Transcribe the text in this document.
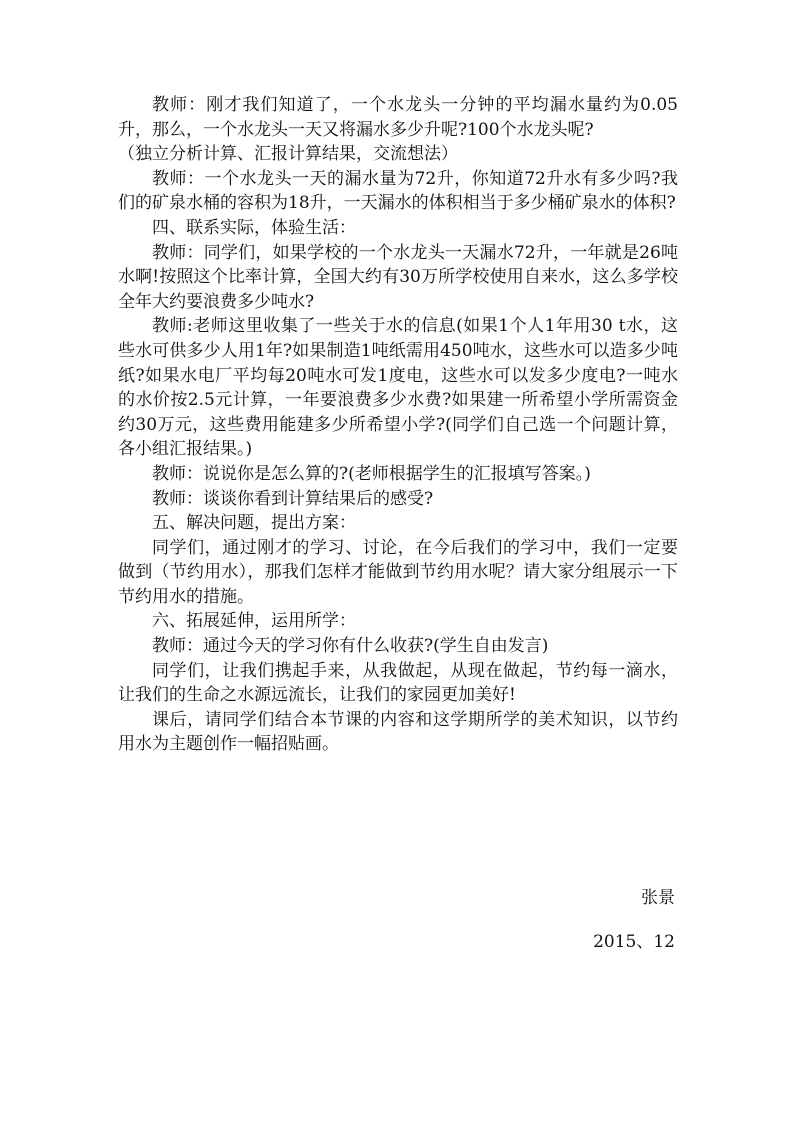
教师：刚才我们知道了，一个水龙头一分钟的平均漏水量约为0.05升，那么，一个水龙头一天又将漏水多少升呢?100个水龙头呢?

（独立分析计算、汇报计算结果，交流想法）

教师：一个水龙头一天的漏水量为72升，你知道72升水有多少吗?我们的矿泉水桶的容积为18升，一天漏水的体积相当于多少桶矿泉水的体积?

四、联系实际，体验生活：

教师：同学们，如果学校的一个水龙头一天漏水72升，一年就是26吨水啊!按照这个比率计算，全国大约有30万所学校使用自来水，这么多学校全年大约要浪费多少吨水?

教师:老师这里收集了一些关于水的信息(如果1个人1年用30 t水，这些水可供多少人用1年?如果制造1吨纸需用450吨水，这些水可以造多少吨纸?如果水电厂平均每20吨水可发1度电，这些水可以发多少度电?一吨水的水价按2.5元计算，一年要浪费多少水费?如果建一所希望小学所需资金约30万元，这些费用能建多少所希望小学?(同学们自己选一个问题计算，各小组汇报结果。)

教师：说说你是怎么算的?(老师根据学生的汇报填写答案。)

教师：谈谈你看到计算结果后的感受?

五、解决问题，提出方案：

同学们，通过刚才的学习、讨论，在今后我们的学习中，我们一定要做到（节约用水），那我们怎样才能做到节约用水呢？请大家分组展示一下节约用水的措施。

六、拓展延伸，运用所学：

教师：通过今天的学习你有什么收获?(学生自由发言)

同学们，让我们携起手来，从我做起，从现在做起，节约每一滴水，让我们的生命之水源远流长，让我们的家园更加美好!

课后，请同学们结合本节课的内容和这学期所学的美术知识，以节约用水为主题创作一幅招贴画。

张景
2015、12
